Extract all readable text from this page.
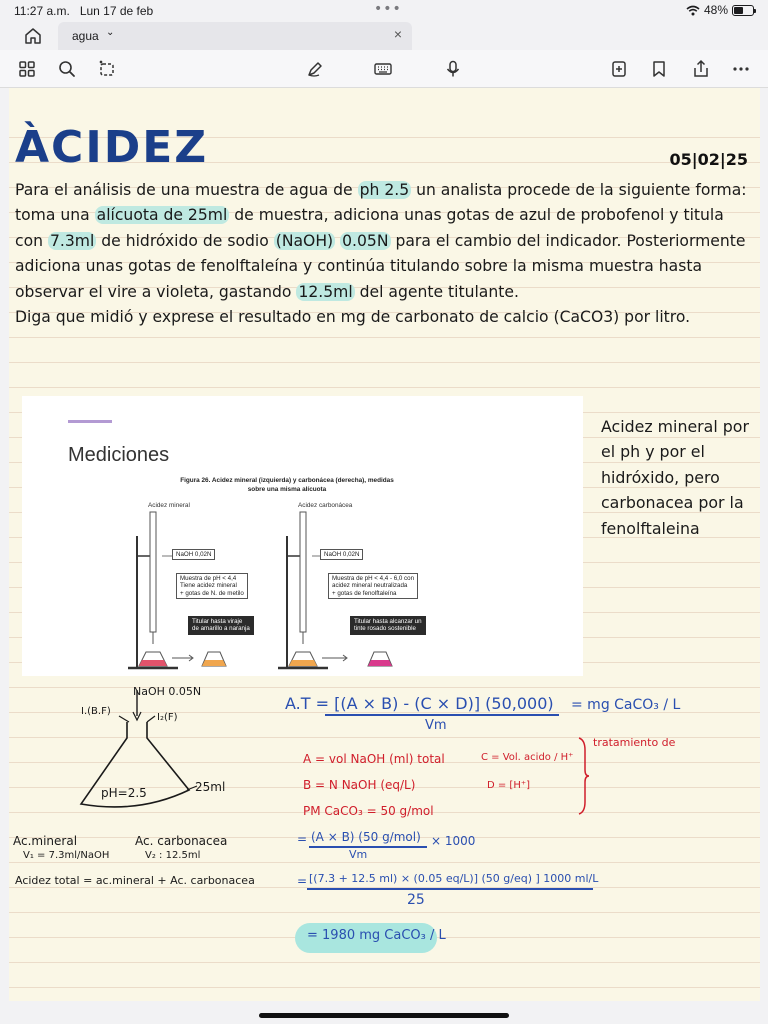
11:27 a.m. Lun 17 de feb	•••	48%
agua ⌄	×
ÀCIDEZ	05|02|25
Para el análisis de una muestra de agua de ph 2.5 un analista procede de la siguiente forma: toma una alícuota de 25ml de muestra, adiciona unas gotas de azul de probofenol y titula con 7.3ml de hidróxido de sodio (NaOH) 0.05N para el cambio del indicador. Posteriormente adiciona unas gotas de fenolftaleína y continúa titulando sobre la misma muestra hasta observar el vire a violeta, gastando 12.5ml del agente titulante.
Diga que midió y exprese el resultado en mg de carbonato de calcio (CaCO3) por litro.
Mediciones
Figura 26. Acidez mineral (izquierda) y carbonácea (derecha), medidas sobre una misma alícuota
Acidez mineral	Acidez carbonácea
NaOH 0,02N	NaOH 0,02N
Muestra de pH < 4,4
Tiene acidez mineral
+ gotas de N. de metilo
Muestra de pH < 4,4 - 6,0 con
acidez mineral neutralizada
+ gotas de fenolftaleína
Titular hasta viraje
de amarillo a naranja
Titular hasta alcanzar un
tinte rosado sostenible
Acidez mineral por el ph y por el hidróxido, pero carbonacea por la fenolftaleina
NaOH 0.05N
I.(B.F)
I₂(F)
pH=2.5	25ml
Ac.mineral
V₁ = 7.3ml/NaOH
Ac. carbonacea
V₂ : 12.5ml
Acidez total = ac.mineral + Ac. carbonacea
A.T = [(A × B) - (C × D)] (50,000)
Vm
= mg CaCO₃ / L
A = vol NaOH (ml) total
B = N NaOH (eq/L)
PM CaCO₃ = 50 g/mol
C = Vol. acido / H⁺
D = [H⁺]
tratamiento de
= (A × B) (50 g/mol)
Vm
× 1000
= [(7.3 + 12.5 ml) × (0.05 eq/L)] (50 g/eq) ] 1000 ml/L
25
= 1980 mg CaCO₃ / L
